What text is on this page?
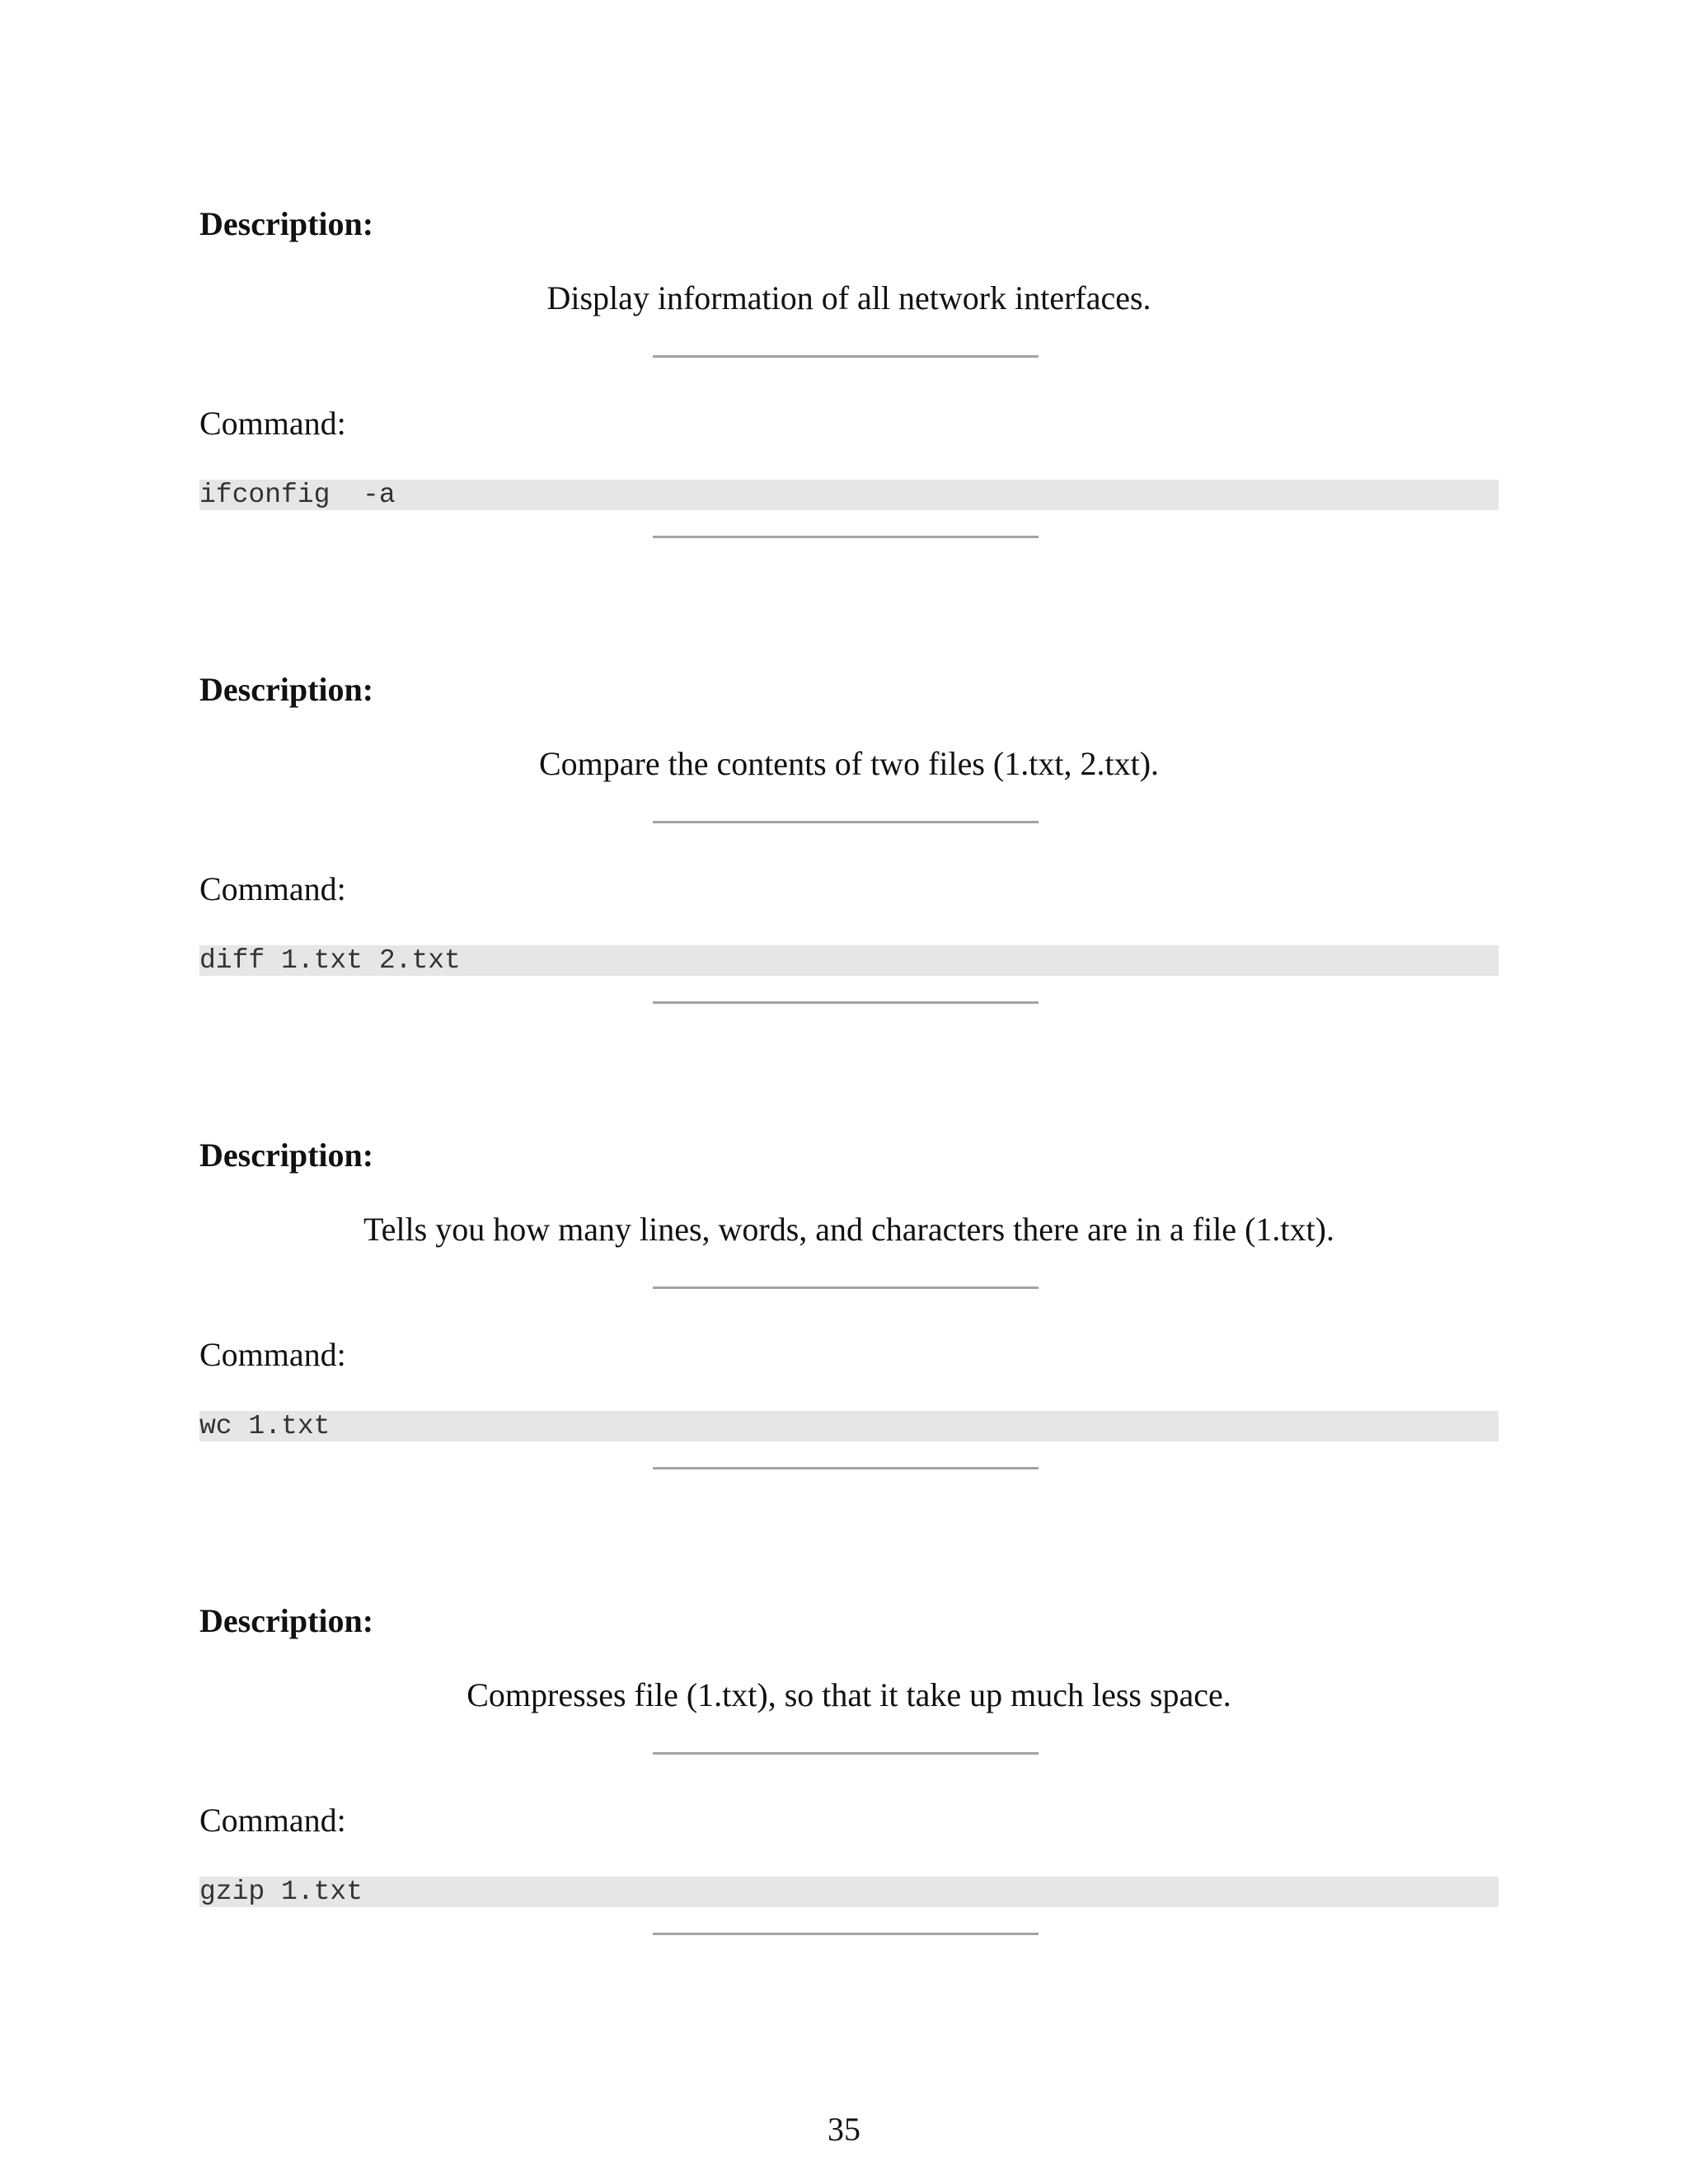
Description:
Display information of all network interfaces.
Command:
ifconfig  -a
Description:
Compare the contents of two files (1.txt, 2.txt).
Command:
diff 1.txt 2.txt
Description:
Tells you how many lines, words, and characters there are in a file (1.txt).
Command:
wc 1.txt
Description:
Compresses file (1.txt), so that it take up much less space.
Command:
gzip 1.txt
35
